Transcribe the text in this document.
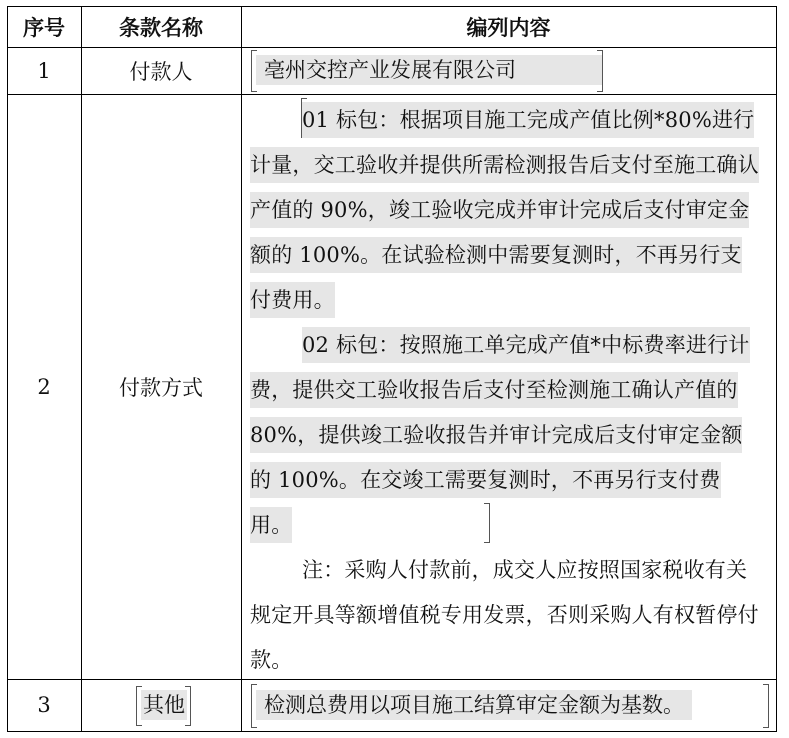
序号	条款名称	编列内容
1	付款人	亳州交控产业发展有限公司
2	付款方式
01 标包：根据项目施工完成产值比例*80%进行计量，交工验收并提供所需检测报告后支付至施工确认产值的 90%，竣工验收完成并审计完成后支付审定金额的 100%。在试验检测中需要复测时，不再另行支付费用。
02 标包：按照施工单完成产值*中标费率进行计费，提供交工验收报告后支付至检测施工确认产值的 80%，提供竣工验收报告并审计完成后支付审定金额的 100%。在交竣工需要复测时，不再另行支付费用。
注：采购人付款前，成交人应按照国家税收有关规定开具等额增值税专用发票，否则采购人有权暂停付款。
3	其他	检测总费用以项目施工结算审定金额为基数。
